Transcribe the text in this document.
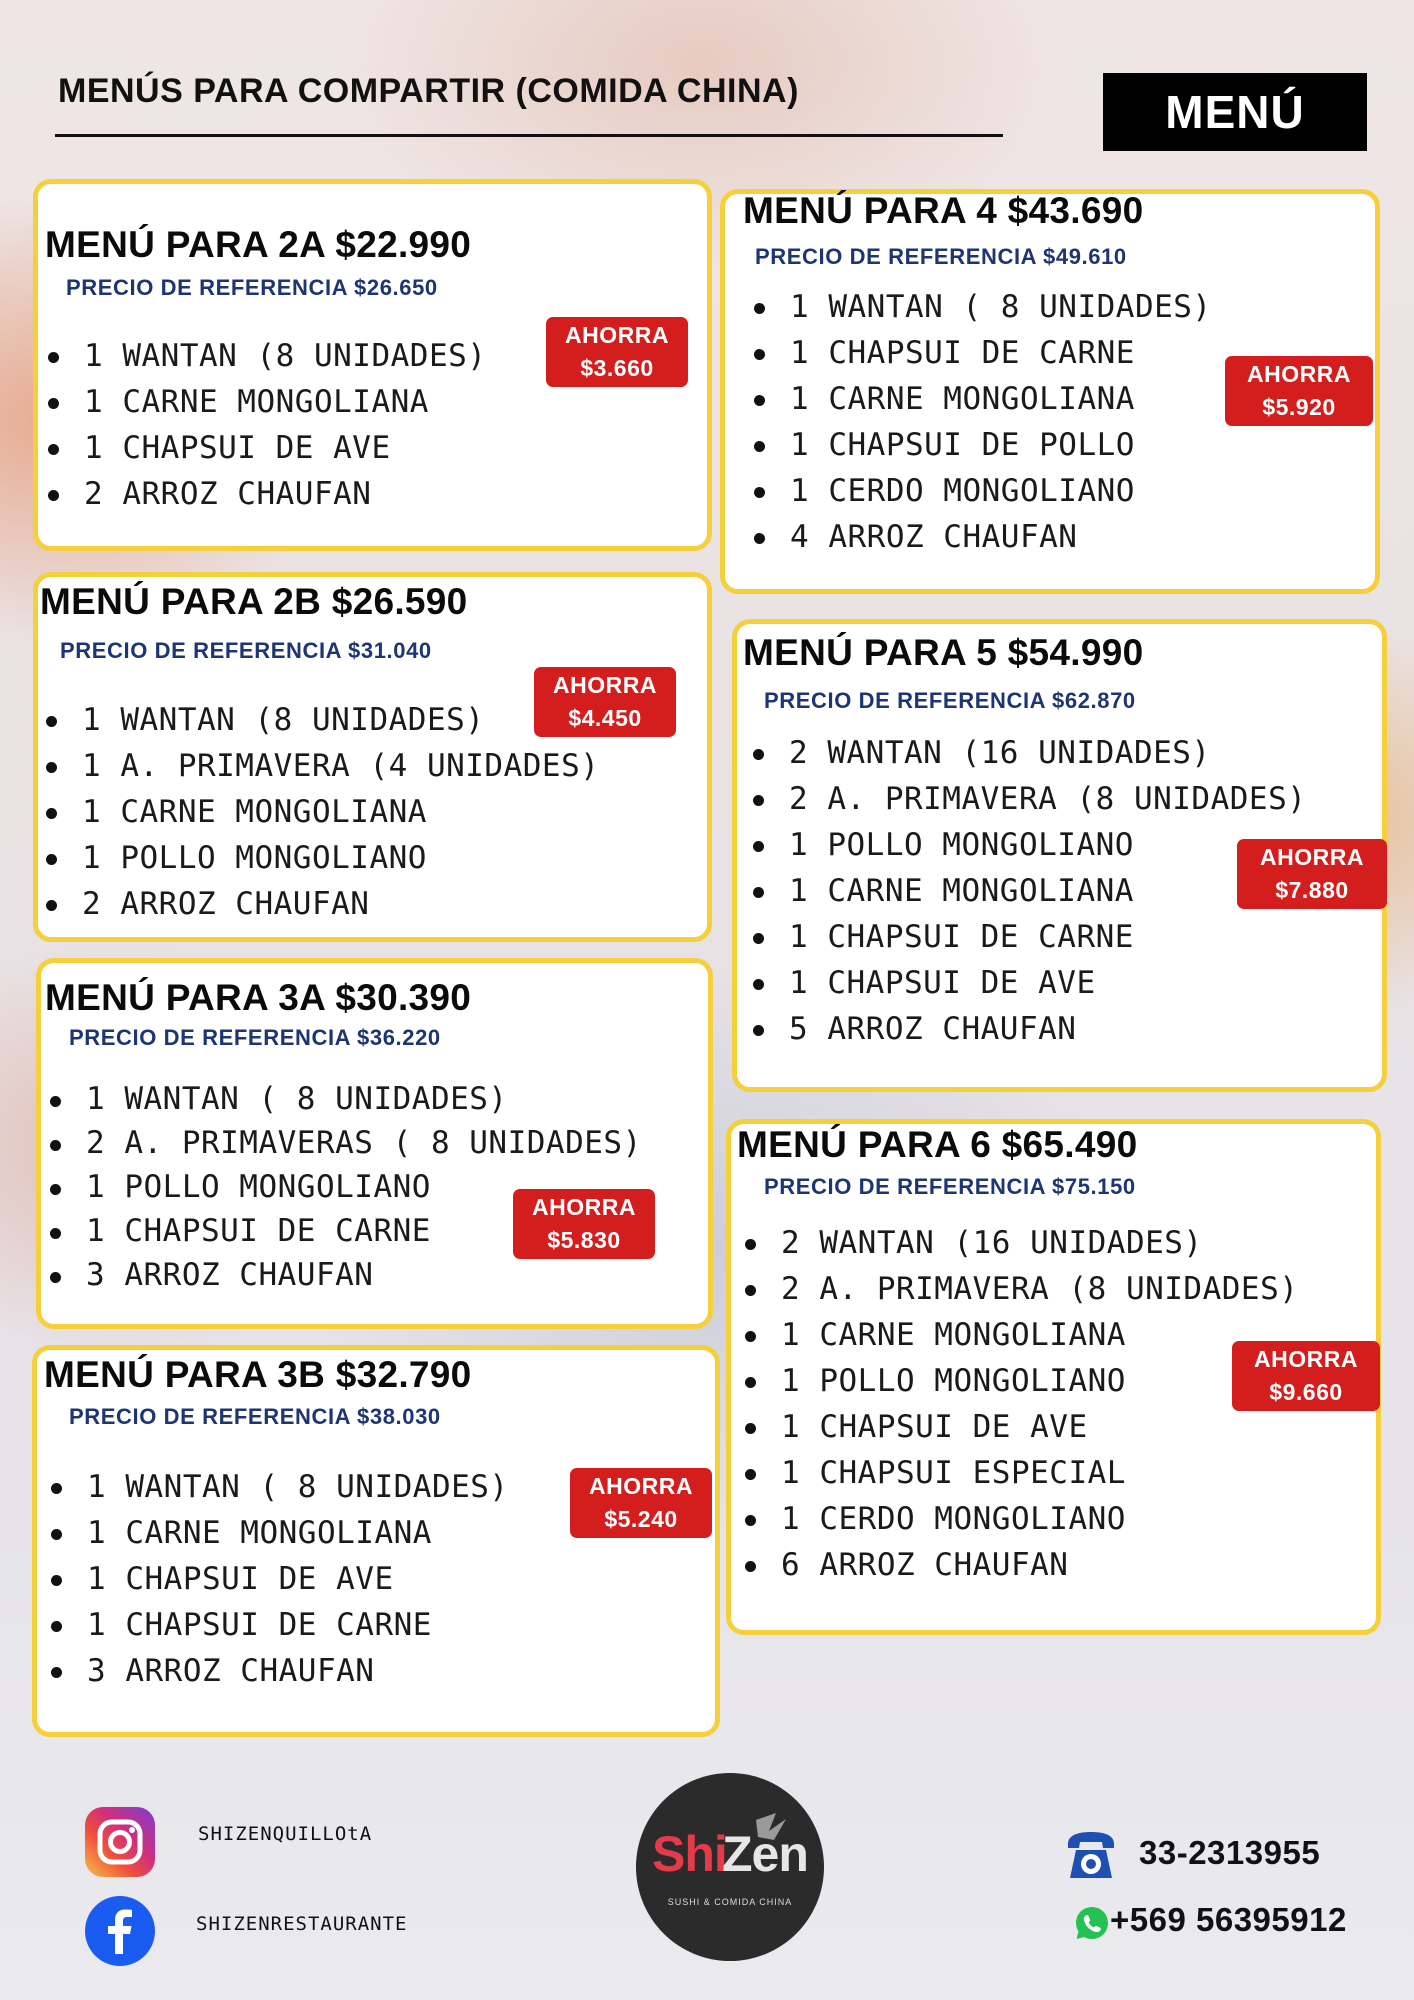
MENÚS PARA COMPARTIR (COMIDA CHINA)	MENÚ
MENÚ PARA 2A $22.990
PRECIO DE REFERENCIA $26.650
1 WANTAN (8 UNIDADES)
1 CARNE MONGOLIANA
1 CHAPSUI DE AVE
2 ARROZ CHAUFAN
AHORRA
$3.660
MENÚ PARA 2B $26.590
PRECIO DE REFERENCIA $31.040
1 WANTAN (8 UNIDADES)
1 A. PRIMAVERA (4 UNIDADES)
1 CARNE MONGOLIANA
1 POLLO MONGOLIANO
2 ARROZ CHAUFAN
AHORRA
$4.450
MENÚ PARA 3A $30.390
PRECIO DE REFERENCIA $36.220
1 WANTAN ( 8 UNIDADES)
2 A. PRIMAVERAS ( 8 UNIDADES)
1 POLLO MONGOLIANO
1 CHAPSUI DE CARNE
3 ARROZ CHAUFAN
AHORRA
$5.830
MENÚ PARA 3B $32.790
PRECIO DE REFERENCIA $38.030
1 WANTAN ( 8 UNIDADES)
1 CARNE MONGOLIANA
1 CHAPSUI DE AVE
1 CHAPSUI DE CARNE
3 ARROZ CHAUFAN
AHORRA
$5.240
MENÚ PARA 4 $43.690
PRECIO DE REFERENCIA $49.610
1 WANTAN ( 8 UNIDADES)
1 CHAPSUI DE CARNE
1 CARNE MONGOLIANA
1 CHAPSUI DE POLLO
1 CERDO MONGOLIANO
4 ARROZ CHAUFAN
AHORRA
$5.920
MENÚ PARA 5 $54.990
PRECIO DE REFERENCIA $62.870
2 WANTAN (16 UNIDADES)
2 A. PRIMAVERA (8 UNIDADES)
1 POLLO MONGOLIANO
1 CARNE MONGOLIANA
1 CHAPSUI DE CARNE
1 CHAPSUI DE AVE
5 ARROZ CHAUFAN
AHORRA
$7.880
MENÚ PARA 6 $65.490
PRECIO DE REFERENCIA $75.150
2 WANTAN (16 UNIDADES)
2 A. PRIMAVERA (8 UNIDADES)
1 CARNE MONGOLIANA
1 POLLO MONGOLIANO
1 CHAPSUI DE AVE
1 CHAPSUI ESPECIAL
1 CERDO MONGOLIANO
6 ARROZ CHAUFAN
AHORRA
$9.660
SHIZENQUILLOtA
SHIZENRESTAURANTE
Shi
Zen
SUSHI & COMIDA CHINA
33-2313955
+569 56395912
